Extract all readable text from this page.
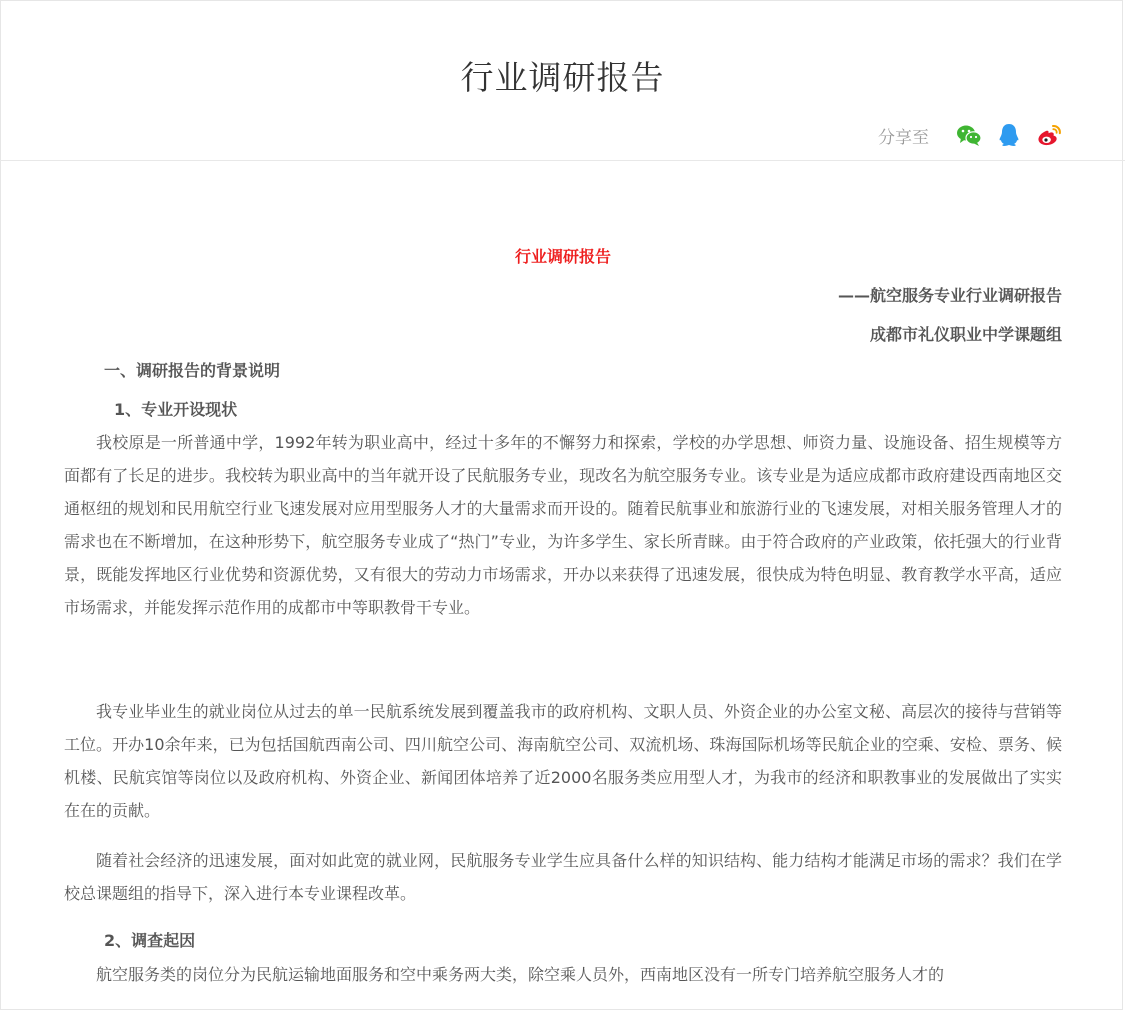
行业调研报告
分享至
行业调研报告
——航空服务专业行业调研报告
成都市礼仪职业中学课题组
一、调研报告的背景说明
1、专业开设现状

我校原是一所普通中学，1992年转为职业高中，经过十多年的不懈努力和探索，学校的办学思想、师资力量、设施设备、招生规模等方面都有了长足的进步。我校转为职业高中的当年就开设了民航服务专业，现改名为航空服务专业。该专业是为适应成都市政府建设西南地区交通枢纽的规划和民用航空行业飞速发展对应用型服务人才的大量需求而开设的。随着民航事业和旅游行业的飞速发展，对相关服务管理人才的需求也在不断增加，在这种形势下，航空服务专业成了“热门”专业，为许多学生、家长所青睐。由于符合政府的产业政策，依托强大的行业背景，既能发挥地区行业优势和资源优势，又有很大的劳动力市场需求，开办以来获得了迅速发展，很快成为特色明显、教育教学水平高，适应市场需求，并能发挥示范作用的成都市中等职教骨干专业。

我专业毕业生的就业岗位从过去的单一民航系统发展到覆盖我市的政府机构、文职人员、外资企业的办公室文秘、高层次的接待与营销等工位。开办10余年来，已为包括国航西南公司、四川航空公司、海南航空公司、双流机场、珠海国际机场等民航企业的空乘、安检、票务、候机楼、民航宾馆等岗位以及政府机构、外资企业、新闻团体培养了近2000名服务类应用型人才，为我市的经济和职教事业的发展做出了实实在在的贡献。

随着社会经济的迅速发展，面对如此宽的就业网，民航服务专业学生应具备什么样的知识结构、能力结构才能满足市场的需求？我们在学校总课题组的指导下，深入进行本专业课程改革。

2、调查起因

航空服务类的岗位分为民航运输地面服务和空中乘务两大类，除空乘人员外，西南地区没有一所专门培养航空服务人才的
